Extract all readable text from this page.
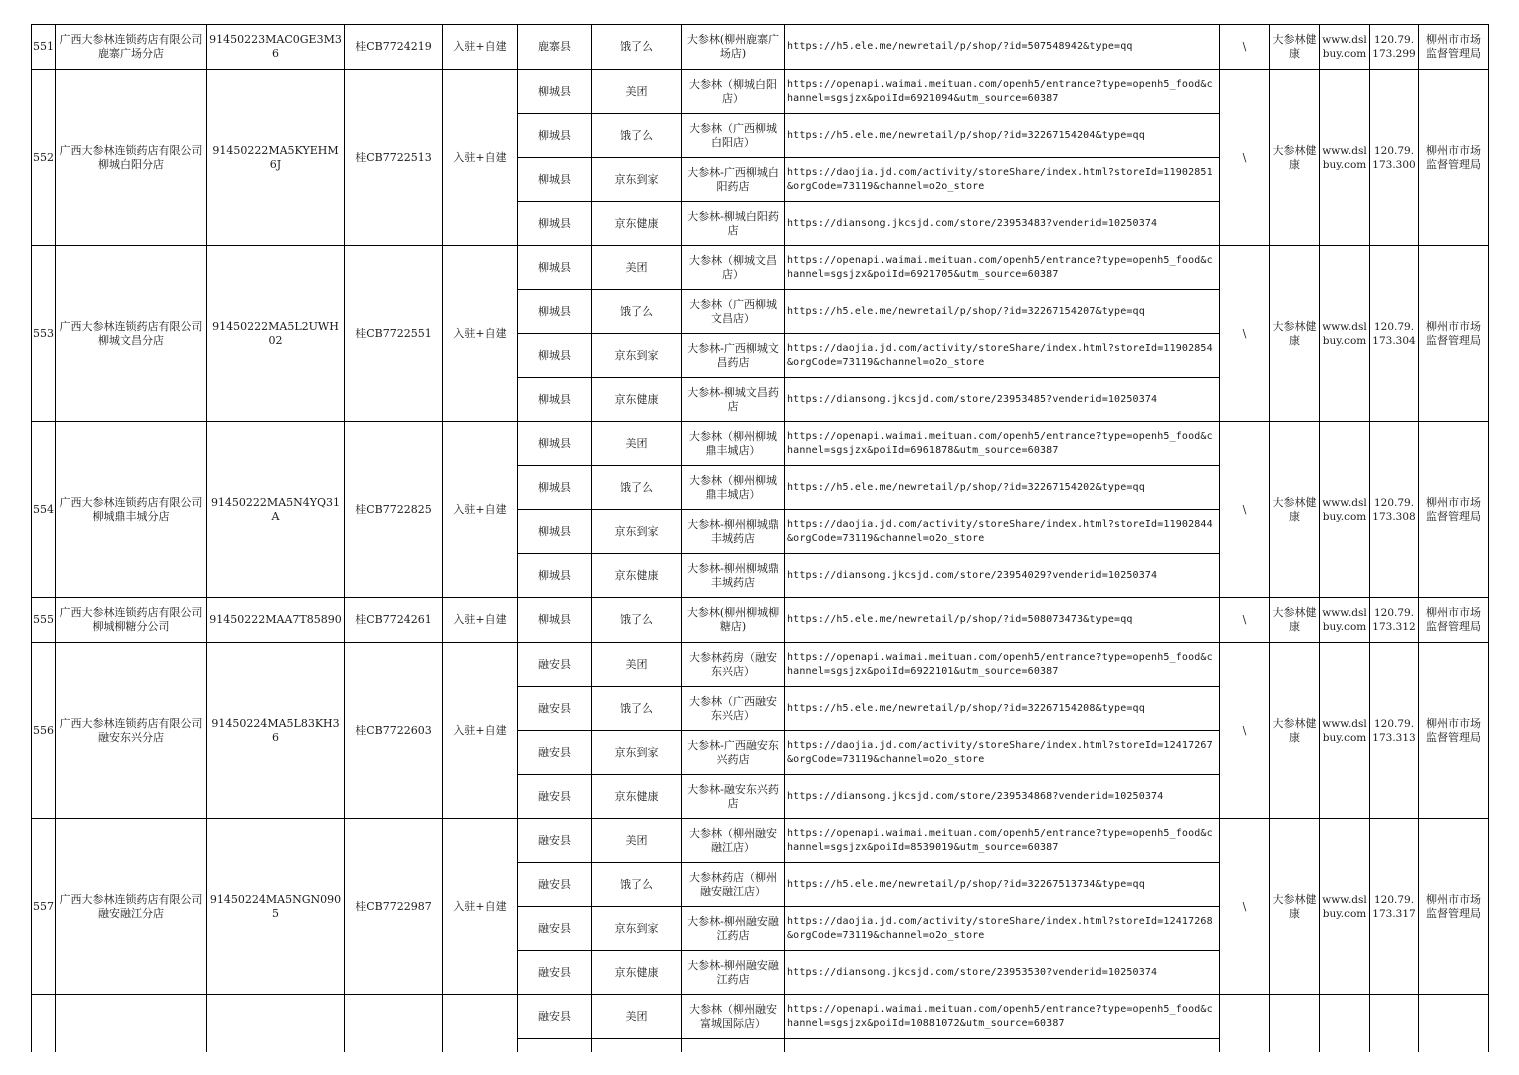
551	广西大参林连锁药店有限公司鹿寨广场分店	91450223MAC0GE3M36	桂CB7724219	入驻+自建	鹿寨县	饿了么	大参林(柳州鹿寨广场店)	https://h5.ele.me/newretail/p/shop/?id=507548942&type=qq	\	大参林健康	www.dslbuy.com	120.79.173.299	柳州市市场监督管理局
552	广西大参林连锁药店有限公司柳城白阳分店	91450222MA5KYEHM6J	桂CB7722513	入驻+自建	柳城县	美团	大参林（柳城白阳店）	https://openapi.waimai.meituan.com/openh5/entrance?type=openh5_food&channel=sgsjzx&poiId=6921094&utm_source=60387	\	大参林健康	www.dslbuy.com	120.79.173.300	柳州市市场监督管理局
					柳城县	饿了么	大参林（广西柳城白阳店）	https://h5.ele.me/newretail/p/shop/?id=32267154204&type=qq					
					柳城县	京东到家	大参林-广西柳城白阳药店	https://daojia.jd.com/activity/storeShare/index.html?storeId=11902851&orgCode=73119&channel=o2o_store					
					柳城县	京东健康	大参林-柳城白阳药店	https://diansong.jkcsjd.com/store/23953483?venderid=10250374					
553	广西大参林连锁药店有限公司柳城文昌分店	91450222MA5L2UWH02	桂CB7722551	入驻+自建	柳城县	美团	大参林（柳城文昌店）	https://openapi.waimai.meituan.com/openh5/entrance?type=openh5_food&channel=sgsjzx&poiId=6921705&utm_source=60387	\	大参林健康	www.dslbuy.com	120.79.173.304	柳州市市场监督管理局
					柳城县	饿了么	大参林（广西柳城文昌店）	https://h5.ele.me/newretail/p/shop/?id=32267154207&type=qq					
					柳城县	京东到家	大参林-广西柳城文昌药店	https://daojia.jd.com/activity/storeShare/index.html?storeId=11902854&orgCode=73119&channel=o2o_store					
					柳城县	京东健康	大参林-柳城文昌药店	https://diansong.jkcsjd.com/store/23953485?venderid=10250374					
554	广西大参林连锁药店有限公司柳城鼎丰城分店	91450222MA5N4YQ31A	桂CB7722825	入驻+自建	柳城县	美团	大参林（柳州柳城鼎丰城店）	https://openapi.waimai.meituan.com/openh5/entrance?type=openh5_food&channel=sgsjzx&poiId=6961878&utm_source=60387	\	大参林健康	www.dslbuy.com	120.79.173.308	柳州市市场监督管理局
					柳城县	饿了么	大参林（柳州柳城鼎丰城店）	https://h5.ele.me/newretail/p/shop/?id=32267154202&type=qq					
					柳城县	京东到家	大参林-柳州柳城鼎丰城药店	https://daojia.jd.com/activity/storeShare/index.html?storeId=11902844&orgCode=73119&channel=o2o_store					
					柳城县	京东健康	大参林-柳州柳城鼎丰城药店	https://diansong.jkcsjd.com/store/23954029?venderid=10250374					
555	广西大参林连锁药店有限公司柳城柳糖分公司	91450222MAA7T85890	桂CB7724261	入驻+自建	柳城县	饿了么	大参林(柳州柳城柳糖店)	https://h5.ele.me/newretail/p/shop/?id=508073473&type=qq	\	大参林健康	www.dslbuy.com	120.79.173.312	柳州市市场监督管理局
556	广西大参林连锁药店有限公司融安东兴分店	91450224MA5L83KH36	桂CB7722603	入驻+自建	融安县	美团	大参林药房（融安东兴店）	https://openapi.waimai.meituan.com/openh5/entrance?type=openh5_food&channel=sgsjzx&poiId=6922101&utm_source=60387	\	大参林健康	www.dslbuy.com	120.79.173.313	柳州市市场监督管理局
					融安县	饿了么	大参林（广西融安东兴店）	https://h5.ele.me/newretail/p/shop/?id=32267154208&type=qq					
					融安县	京东到家	大参林-广西融安东兴药店	https://daojia.jd.com/activity/storeShare/index.html?storeId=12417267&orgCode=73119&channel=o2o_store					
					融安县	京东健康	大参林-融安东兴药店	https://diansong.jkcsjd.com/store/239534868?venderid=10250374					
557	广西大参林连锁药店有限公司融安融江分店	91450224MA5NGN0905	桂CB7722987	入驻+自建	融安县	美团	大参林（柳州融安融江店）	https://openapi.waimai.meituan.com/openh5/entrance?type=openh5_food&channel=sgsjzx&poiId=8539019&utm_source=60387	\	大参林健康	www.dslbuy.com	120.79.173.317	柳州市市场监督管理局
					融安县	饿了么	大参林药店（柳州融安融江店）	https://h5.ele.me/newretail/p/shop/?id=32267513734&type=qq					
					融安县	京东到家	大参林-柳州融安融江药店	https://daojia.jd.com/activity/storeShare/index.html?storeId=12417268&orgCode=73119&channel=o2o_store					
					融安县	京东健康	大参林-柳州融安融江药店	https://diansong.jkcsjd.com/store/23953530?venderid=10250374					
					融安县	美团	大参林（柳州融安富城国际店）	https://openapi.waimai.meituan.com/openh5/entrance?type=openh5_food&channel=sgsjzx&poiId=10881072&utm_source=60387					
